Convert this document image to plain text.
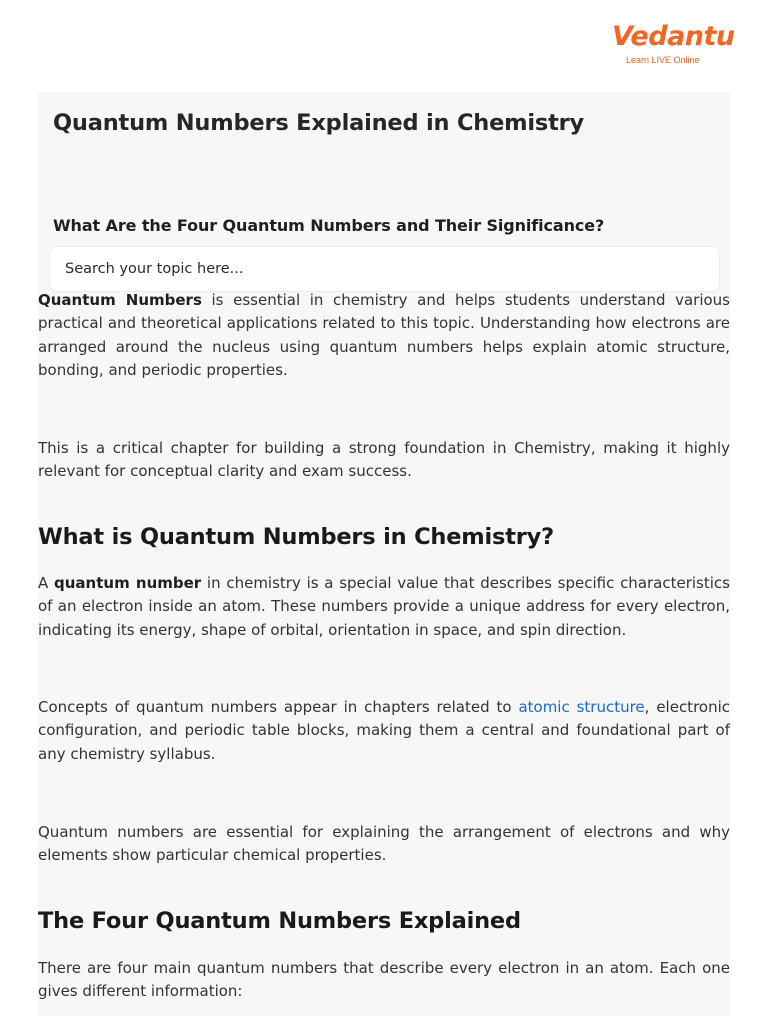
Vedantu
Learn LIVE Online
Quantum Numbers Explained in Chemistry
What Are the Four Quantum Numbers and Their Significance?
Search your topic here...

Quantum Numbers is essential in chemistry and helps students understand various practical and theoretical applications related to this topic. Understanding how electrons are arranged around the nucleus using quantum numbers helps explain atomic structure, bonding, and periodic properties.

This is a critical chapter for building a strong foundation in Chemistry, making it highly relevant for conceptual clarity and exam success.

What is Quantum Numbers in Chemistry?

A quantum number in chemistry is a special value that describes specific characteristics of an electron inside an atom. These numbers provide a unique address for every electron, indicating its energy, shape of orbital, orientation in space, and spin direction.

Concepts of quantum numbers appear in chapters related to atomic structure, electronic configuration, and periodic table blocks, making them a central and foundational part of any chemistry syllabus.

Quantum numbers are essential for explaining the arrangement of electrons and why elements show particular chemical properties.

The Four Quantum Numbers Explained

There are four main quantum numbers that describe every electron in an atom. Each one gives different information:
